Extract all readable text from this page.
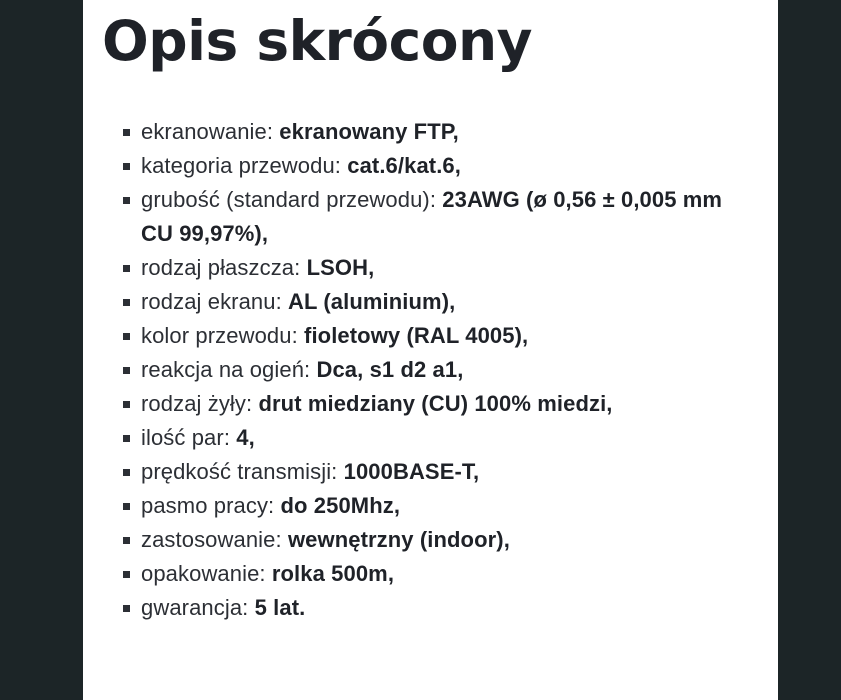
Opis skrócony
ekranowanie: ekranowany FTP,
kategoria przewodu: cat.6/kat.6,
grubość (standard przewodu): 23AWG (ø 0,56 ± 0,005 mm CU 99,97%),
rodzaj płaszcza: LSOH,
rodzaj ekranu: AL (aluminium),
kolor przewodu: fioletowy (RAL 4005),
reakcja na ogień: Dca, s1 d2 a1,
rodzaj żyły: drut miedziany (CU) 100% miedzi,
ilość par: 4,
prędkość transmisji: 1000BASE-T,
pasmo pracy: do 250Mhz,
zastosowanie: wewnętrzny (indoor),
opakowanie: rolka 500m,
gwarancja: 5 lat.
